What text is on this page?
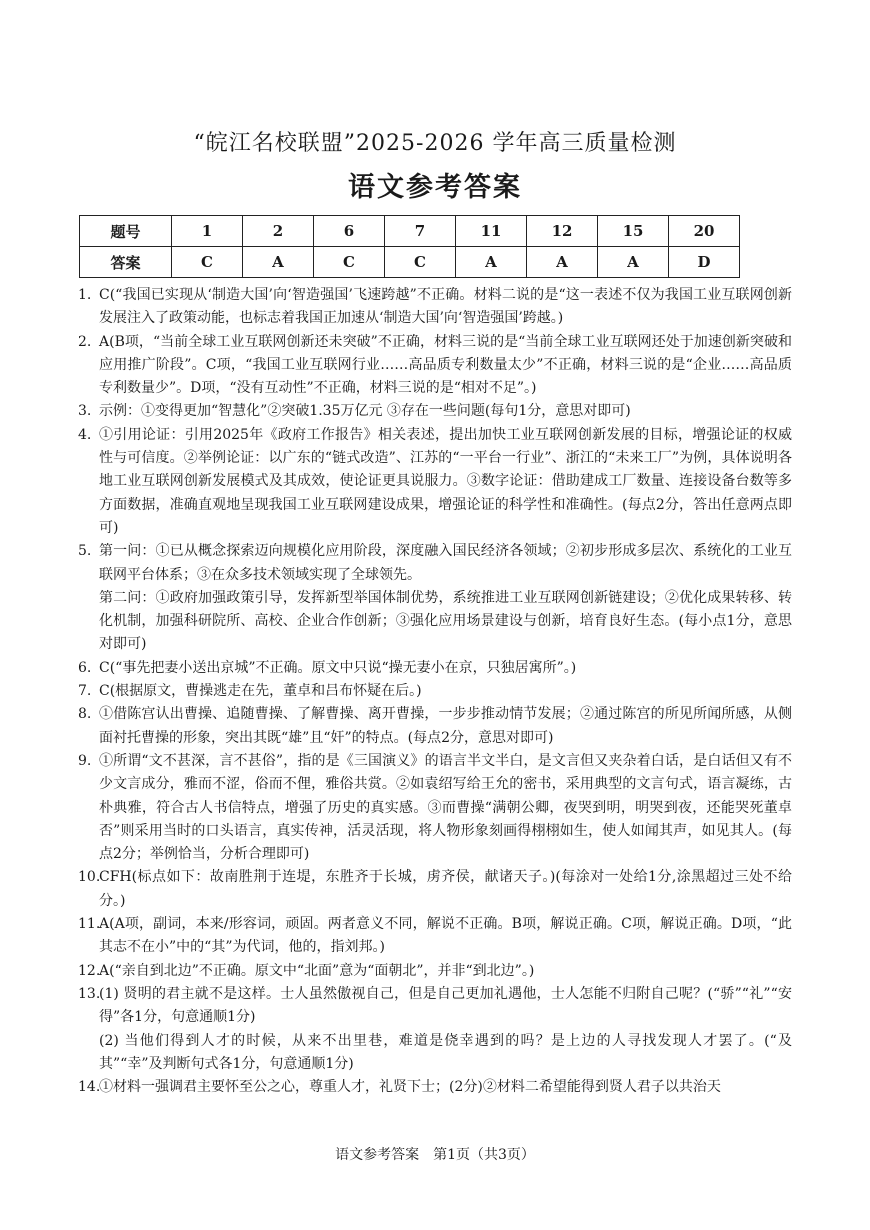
“皖江名校联盟”2025-2026 学年高三质量检测
语文参考答案
题号	1	2	6	7	11	12	15	20
答案	C	A	C	C	A	A	A	D
1. C(“我国已实现从‘制造大国’向‘智造强国’飞速跨越”不正确。材料二说的是“这一表述不仅为我国工业互联网创新发展注入了政策动能，也标志着我国正加速从‘制造大国’向‘智造强国’跨越。)
2. A(B项，“当前全球工业互联网创新还未突破”不正确，材料三说的是“当前全球工业互联网还处于加速创新突破和应用推广阶段”。C项，“我国工业互联网行业……高品质专利数量太少”不正确，材料三说的是“企业……高品质专利数量少”。D项，“没有互动性”不正确，材料三说的是“相对不足”。)
3. 示例：①变得更加“智慧化”②突破1.35万亿元 ③存在一些问题(每句1分，意思对即可)
4. ①引用论证：引用2025年《政府工作报告》相关表述，提出加快工业互联网创新发展的目标，增强论证的权威性与可信度。②举例论证：以广东的“链式改造”、江苏的“一平台一行业”、浙江的“未来工厂”为例，具体说明各地工业互联网创新发展模式及其成效，使论证更具说服力。③数字论证：借助建成工厂数量、连接设备台数等多方面数据，准确直观地呈现我国工业互联网建设成果，增强论证的科学性和准确性。(每点2分，答出任意两点即可)
5. 第一问：①已从概念探索迈向规模化应用阶段，深度融入国民经济各领域；②初步形成多层次、系统化的工业互联网平台体系；③在众多技术领域实现了全球领先。
第二问：①政府加强政策引导，发挥新型举国体制优势，系统推进工业互联网创新链建设；②优化成果转移、转化机制，加强科研院所、高校、企业合作创新；③强化应用场景建设与创新，培育良好生态。(每小点1分，意思对即可)
6. C(“事先把妻小送出京城”不正确。原文中只说“操无妻小在京，只独居寓所”。)
7. C(根据原文，曹操逃走在先，董卓和吕布怀疑在后。)
8. ①借陈宫认出曹操、追随曹操、了解曹操、离开曹操，一步步推动情节发展；②通过陈宫的所见所闻所感，从侧面衬托曹操的形象，突出其既“雄”且“奸”的特点。(每点2分，意思对即可)
9. ①所谓“文不甚深，言不甚俗”，指的是《三国演义》的语言半文半白，是文言但又夹杂着白话，是白话但又有不少文言成分，雅而不涩，俗而不俚，雅俗共赏。②如袁绍写给王允的密书，采用典型的文言句式，语言凝练，古朴典雅，符合古人书信特点，增强了历史的真实感。③而曹操“满朝公卿，夜哭到明，明哭到夜，还能哭死董卓否”则采用当时的口头语言，真实传神，活灵活现，将人物形象刻画得栩栩如生，使人如闻其声，如见其人。(每点2分；举例恰当，分析合理即可)
10.
CFH(标点如下：故南胜荆于连堤，东胜齐于长城，虏齐侯，献诸天子。)(每涂对一处给1分,涂黑超过三处不给分。)
11.
A(A项，副词，本来/形容词，顽固。两者意义不同，解说不正确。B项，解说正确。C项，解说正确。D项，“此其志不在小”中的“其”为代词，他的，指刘邦。)
12.
A(“亲自到北边”不正确。原文中“北面”意为“面朝北”，并非“到北边”。)
13.
(1) 贤明的君主就不是这样。士人虽然傲视自己，但是自己更加礼遇他，士人怎能不归附自己呢？(“骄”“礼”“安得”各1分，句意通顺1分)
(2) 当他们得到人才的时候，从来不出里巷，难道是侥幸遇到的吗？是上边的人寻找发现人才罢了。(“及其”“幸”及判断句式各1分，句意通顺1分)
14.
①材料一强调君主要怀至公之心，尊重人才，礼贤下士；(2分)②材料二希望能得到贤人君子以共治天
语文参考答案　第1页（共3页）
